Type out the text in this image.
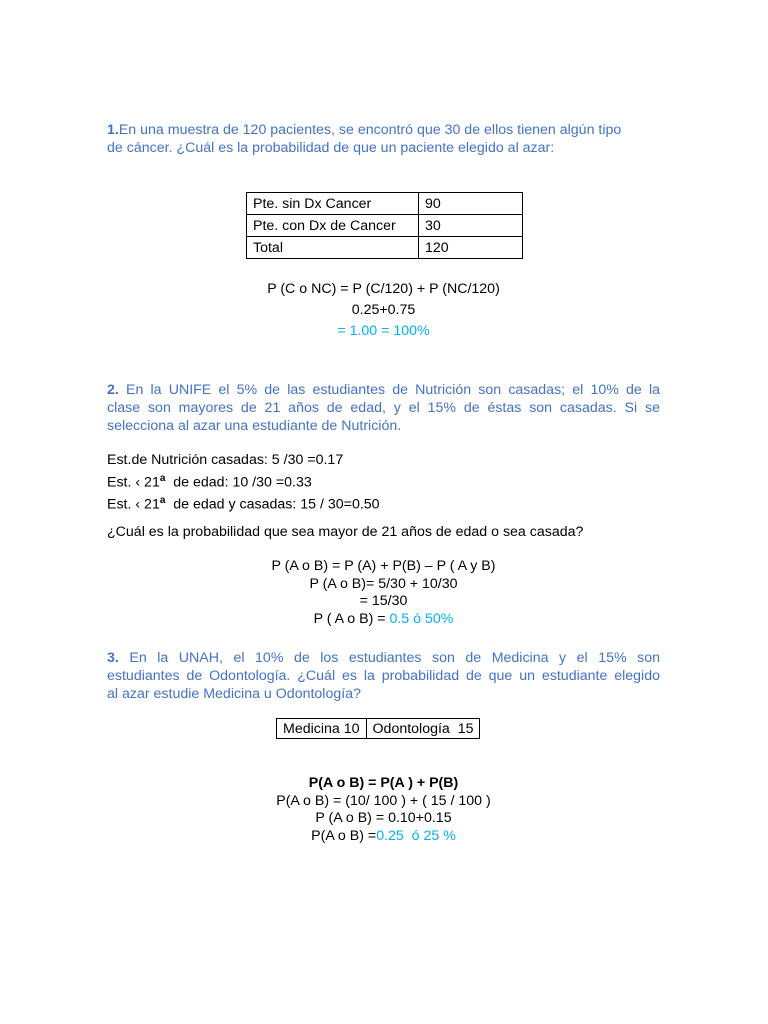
1.En una muestra de 120 pacientes, se encontró que 30 de ellos tienen algún tipo
de cáncer. ¿Cuál es la probabilidad de que un paciente elegido al azar:
Pte. sin Dx Cancer	90
Pte. con Dx de Cancer	30
Total	120
P (C o NC) = P (C/120) + P (NC/120)
0.25+0.75
= 1.00 = 100%
2. En la UNIFE el 5% de las estudiantes de Nutrición son casadas; el 10% de la
clase son mayores de 21 años de edad, y el 15% de éstas son casadas. Si se
selecciona al azar una estudiante de Nutrición.
Est.de Nutrición casadas: 5 /30 =0.17
Est. ‹ 21$^a$  de edad: 10 /30 =0.33
Est. ‹ 21$^a$  de edad y casadas: 15 / 30=0.50
¿Cuál es la probabilidad que sea mayor de 21 años de edad o sea casada?
P (A o B) = P (A) + P(B) – P ( A y B)
P (A o B)= 5/30 + 10/30
= 15/30
P ( A o B) = 0.5 ó 50%
3. En la UNAH, el 10% de los estudiantes son de Medicina y el 15% son
estudiantes de Odontología. ¿Cuál es la probabilidad de que un estudiante elegido
al azar estudie Medicina u Odontología?
Medicina 10	Odontología  15
P(A o B) = P(A ) + P(B)
P(A o B) = (10/ 100 ) + ( 15 / 100 )
P (A o B) = 0.10+0.15
P(A o B) =0.25  ó 25 %
